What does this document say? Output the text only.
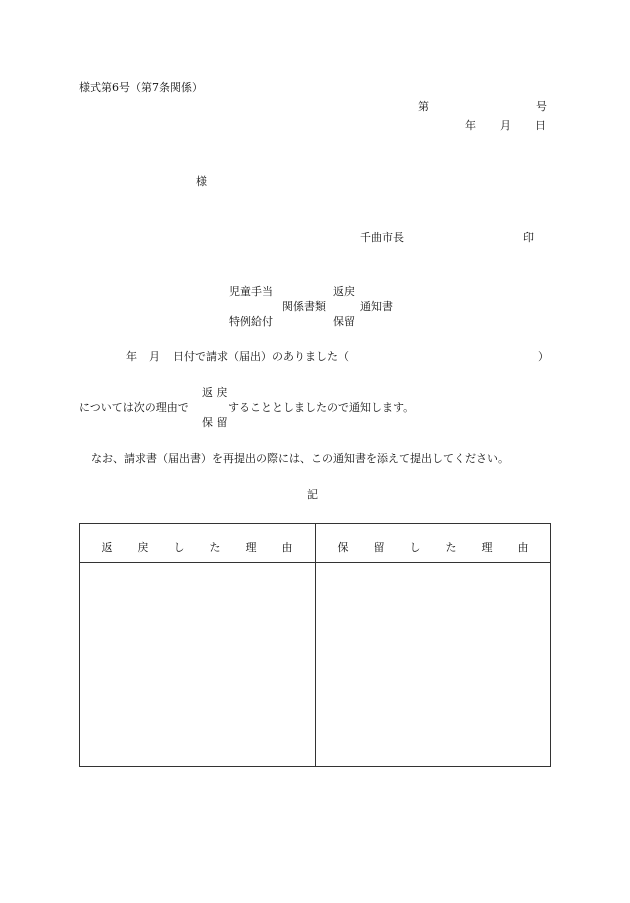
様式第6号（第7条関係）
第	号
年 月 日
様
千曲市長	印
児童手当
関係書類
特例給付
返戻
保留
通知書
年 月 日付で請求（届出）のありました（	）
返 戻
については次の理由で	することとしましたので通知します。
保 留
なお、請求書（届出書）を再提出の際には、この通知書を添えて提出してください。
記
返　　戻　　し　　た　　理　　由	保　　留　　し　　た　　理　　由
